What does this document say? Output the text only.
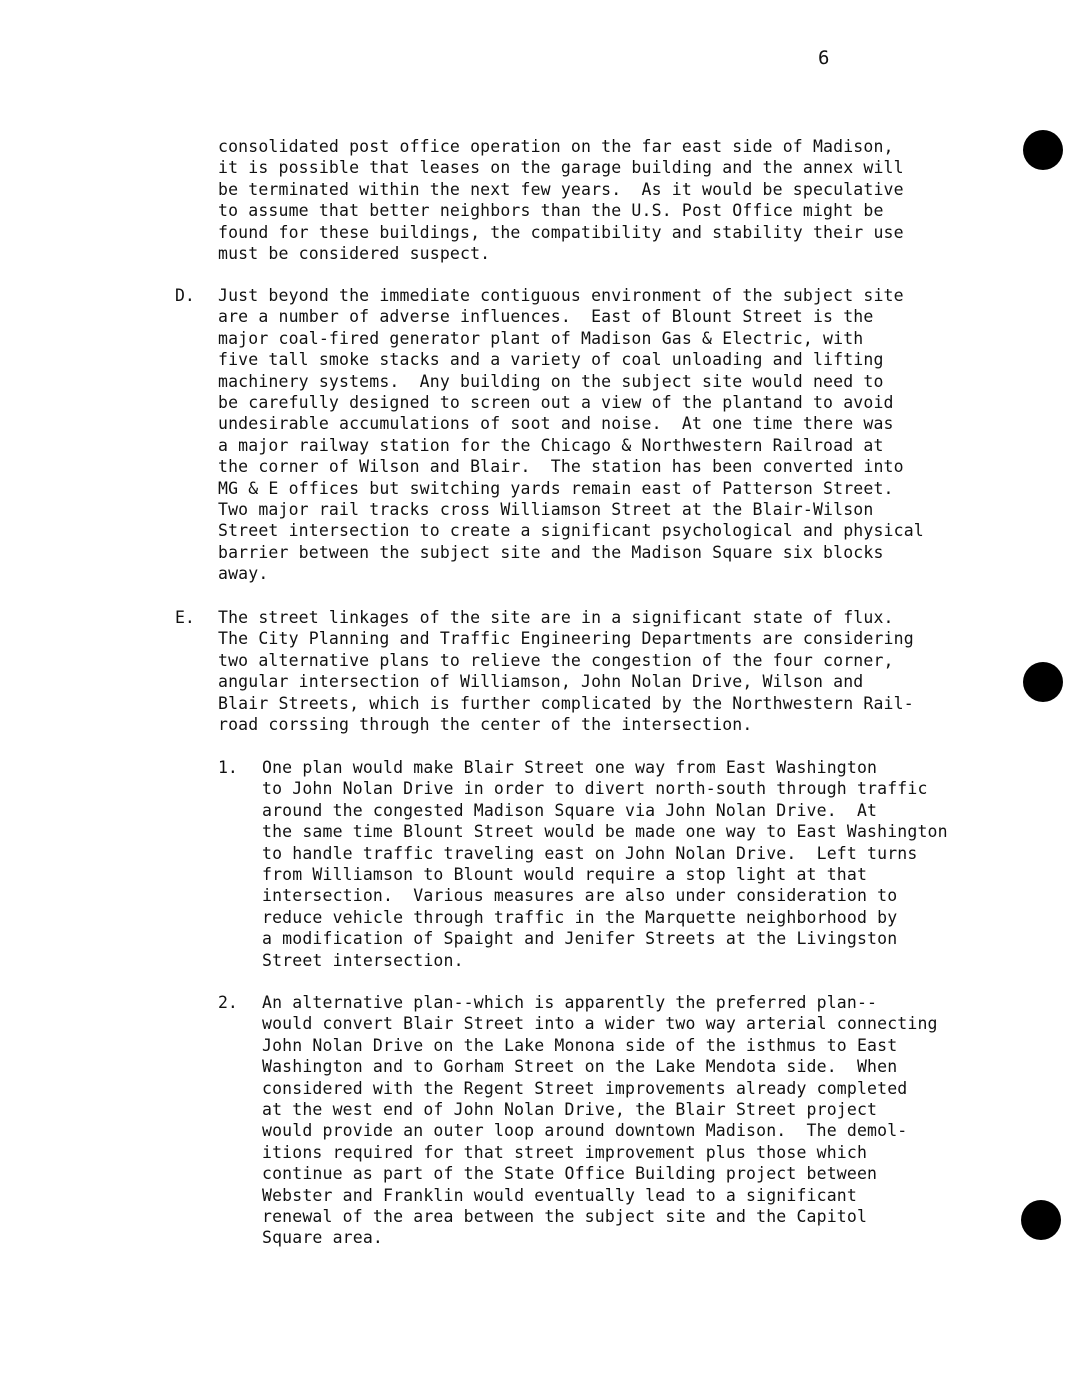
6
consolidated post office operation on the far east side of Madison,
it is possible that leases on the garage building and the annex will
be terminated within the next few years.  As it would be speculative
to assume that better neighbors than the U.S. Post Office might be
found for these buildings, the compatibility and stability their use
must be considered suspect.
D. Just beyond the immediate contiguous environment of the subject site
are a number of adverse influences.  East of Blount Street is the
major coal-fired generator plant of Madison Gas & Electric, with
five tall smoke stacks and a variety of coal unloading and lifting
machinery systems.  Any building on the subject site would need to
be carefully designed to screen out a view of the plantand to avoid
undesirable accumulations of soot and noise.  At one time there was
a major railway station for the Chicago & Northwestern Railroad at
the corner of Wilson and Blair.  The station has been converted into
MG & E offices but switching yards remain east of Patterson Street.
Two major rail tracks cross Williamson Street at the Blair-Wilson
Street intersection to create a significant psychological and physical
barrier between the subject site and the Madison Square six blocks
away.
E. The street linkages of the site are in a significant state of flux.
The City Planning and Traffic Engineering Departments are considering
two alternative plans to relieve the congestion of the four corner,
angular intersection of Williamson, John Nolan Drive, Wilson and
Blair Streets, which is further complicated by the Northwestern Rail-
road corssing through the center of the intersection.
1. One plan would make Blair Street one way from East Washington
to John Nolan Drive in order to divert north-south through traffic
around the congested Madison Square via John Nolan Drive.  At
the same time Blount Street would be made one way to East Washington
to handle traffic traveling east on John Nolan Drive.  Left turns
from Williamson to Blount would require a stop light at that
intersection.  Various measures are also under consideration to
reduce vehicle through traffic in the Marquette neighborhood by
a modification of Spaight and Jenifer Streets at the Livingston
Street intersection.
2. An alternative plan--which is apparently the preferred plan--
would convert Blair Street into a wider two way arterial connecting
John Nolan Drive on the Lake Monona side of the isthmus to East
Washington and to Gorham Street on the Lake Mendota side.  When
considered with the Regent Street improvements already completed
at the west end of John Nolan Drive, the Blair Street project
would provide an outer loop around downtown Madison.  The demol-
itions required for that street improvement plus those which
continue as part of the State Office Building project between
Webster and Franklin would eventually lead to a significant
renewal of the area between the subject site and the Capitol
Square area.
